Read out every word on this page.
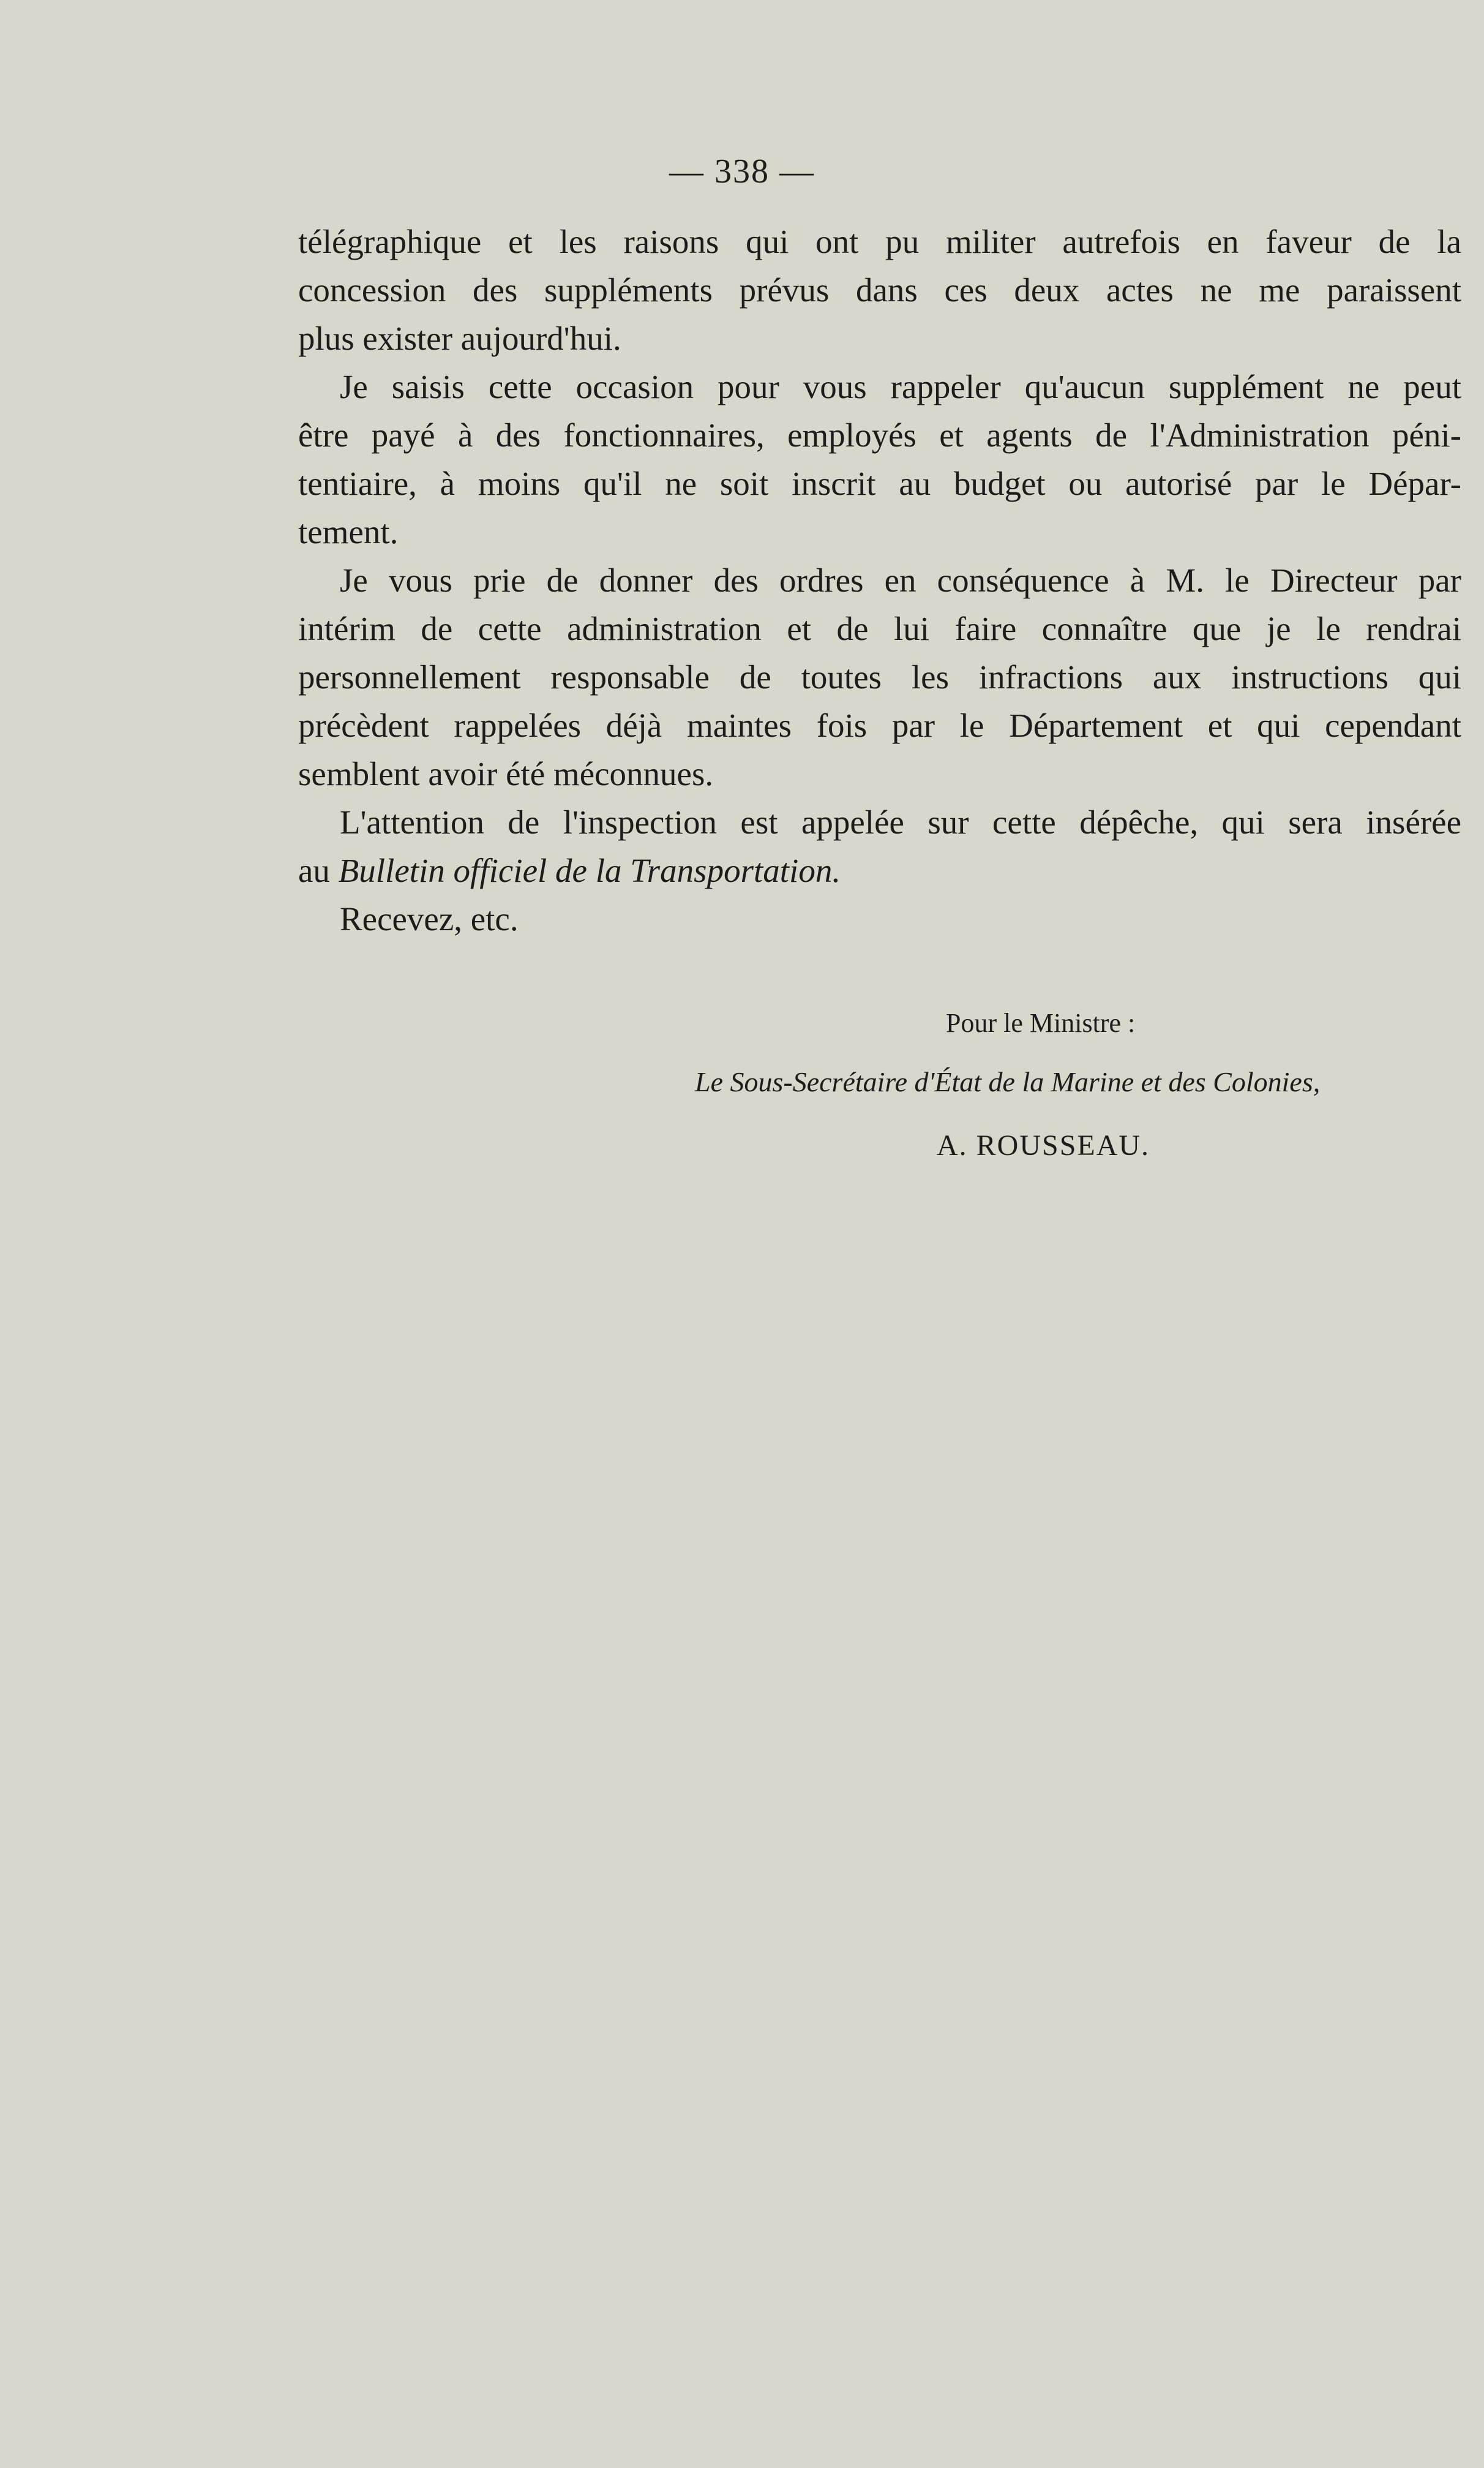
— 338 —
télégraphique et les raisons qui ont pu militer autrefois en faveur de la
concession des suppléments prévus dans ces deux actes ne me paraissent
plus exister aujourd'hui.
Je saisis cette occasion pour vous rappeler qu'aucun supplément ne peut
être payé à des fonctionnaires, employés et agents de l'Administration péni-
tentiaire, à moins qu'il ne soit inscrit au budget ou autorisé par le Dépar-
tement.
Je vous prie de donner des ordres en conséquence à M. le Directeur par
intérim de cette administration et de lui faire connaître que je le rendrai
personnellement responsable de toutes les infractions aux instructions qui
précèdent rappelées déjà maintes fois par le Département et qui cependant
semblent avoir été méconnues.
L'attention de l'inspection est appelée sur cette dépêche, qui sera insérée
au Bulletin officiel de la Transportation.
Recevez, etc.
Pour le Ministre :
Le Sous-Secrétaire d'État de la Marine et des Colonies,
A. ROUSSEAU.
